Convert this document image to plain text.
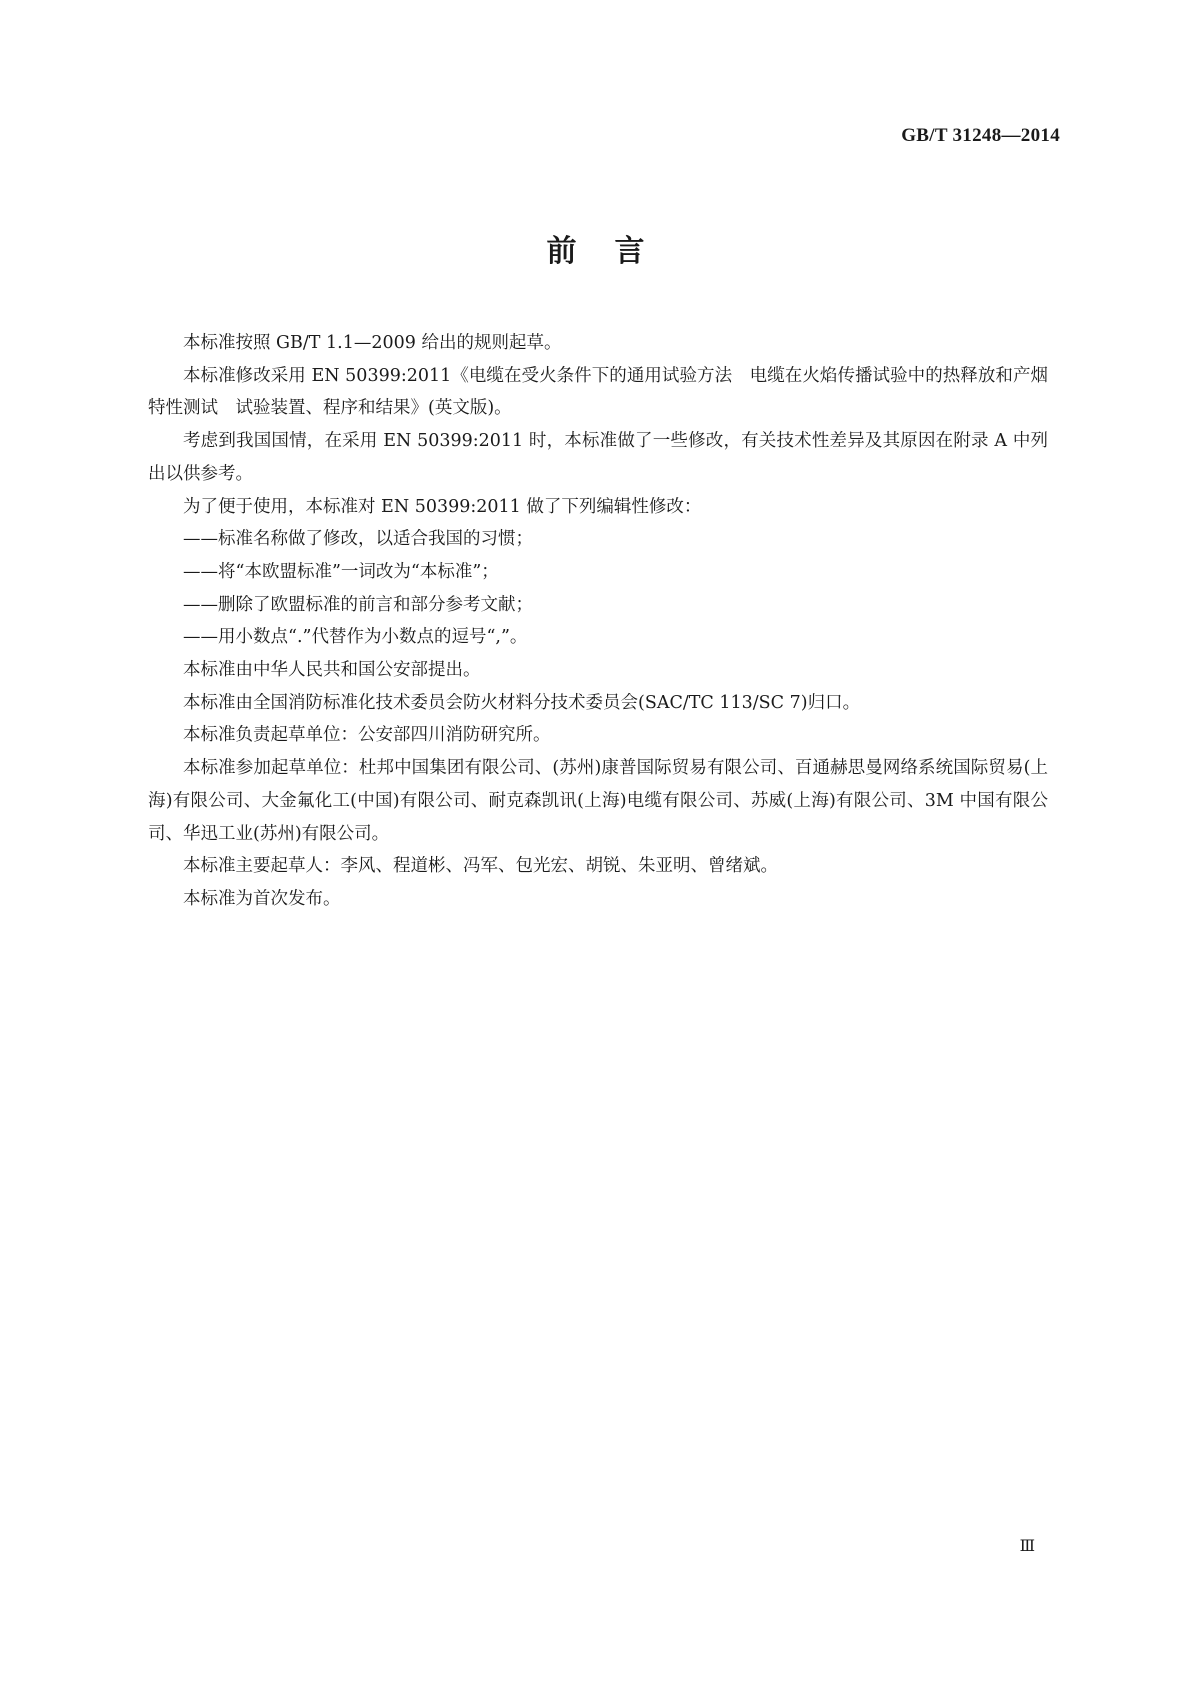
GB/T 31248—2014
前言

本标准按照 GB/T 1.1—2009 给出的规则起草。

本标准修改采用 EN 50399:2011《电缆在受火条件下的通用试验方法　电缆在火焰传播试验中的热释放和产烟特性测试　试验装置、程序和结果》(英文版)。

考虑到我国国情，在采用 EN 50399:2011 时，本标准做了一些修改，有关技术性差异及其原因在附录 A 中列出以供参考。

为了便于使用，本标准对 EN 50399:2011 做了下列编辑性修改：

——标准名称做了修改，以适合我国的习惯；

——将“本欧盟标准”一词改为“本标准”；

——删除了欧盟标准的前言和部分参考文献；

——用小数点“.”代替作为小数点的逗号“,”。

本标准由中华人民共和国公安部提出。

本标准由全国消防标准化技术委员会防火材料分技术委员会(SAC/TC 113/SC 7)归口。

本标准负责起草单位：公安部四川消防研究所。

本标准参加起草单位：杜邦中国集团有限公司、(苏州)康普国际贸易有限公司、百通赫思曼网络系统国际贸易(上海)有限公司、大金氟化工(中国)有限公司、耐克森凯讯(上海)电缆有限公司、苏威(上海)有限公司、3M 中国有限公司、华迅工业(苏州)有限公司。

本标准主要起草人：李风、程道彬、冯军、包光宏、胡锐、朱亚明、曾绪斌。

本标准为首次发布。

Ⅲ
